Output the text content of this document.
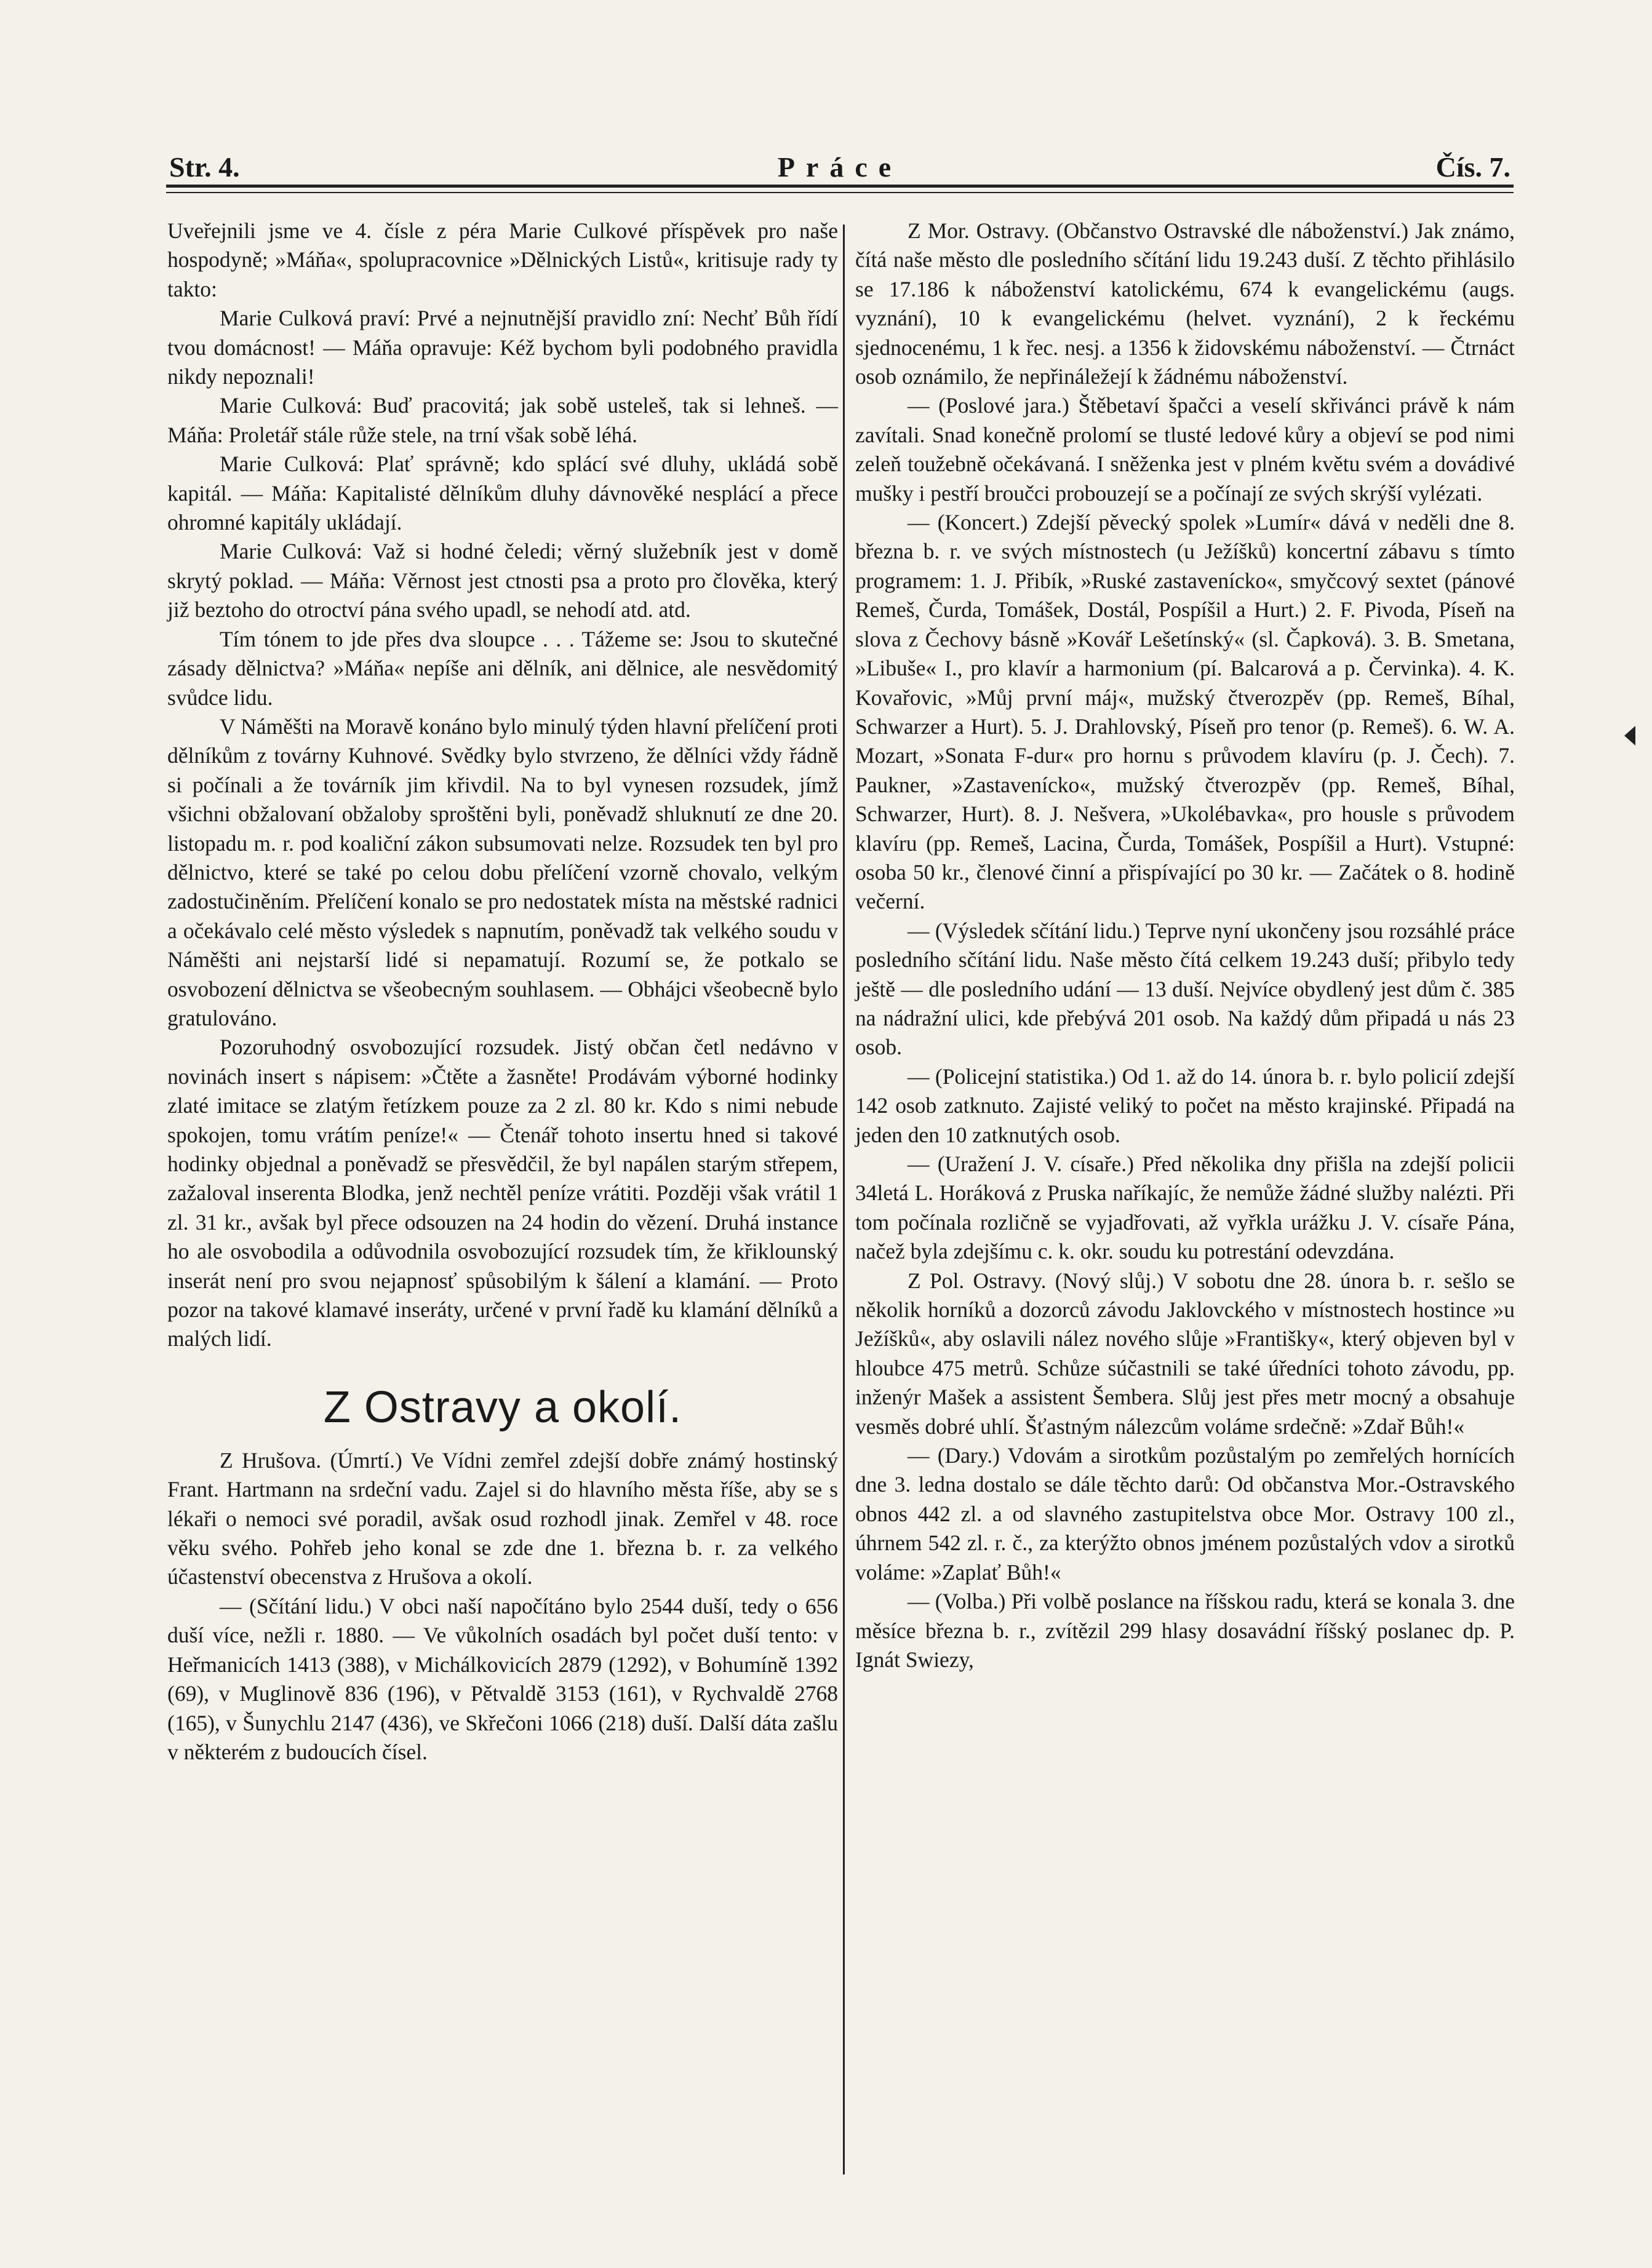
Str. 4.	Práce	Čís. 7.

Uveřejnili jsme ve 4. čísle z péra Marie Culkové příspěvek pro naše hospodyně; »Máňa«, spolupracovnice »Dělnických Listů«, kritisuje rady ty takto:

Marie Culková praví: Prvé a nejnutnější pravidlo zní: Nechť Bůh řídí tvou domácnost! — Máňa opravuje: Kéž bychom byli podobného pravidla nikdy nepoznali!

Marie Culková: Buď pracovitá; jak sobě usteleš, tak si lehneš. — Máňa: Proletář stále růže stele, na trní však sobě léhá.

Marie Culková: Plať správně; kdo splácí své dluhy, ukládá sobě kapitál. — Máňa: Kapitalisté dělníkům dluhy dávnověké nesplácí a přece ohromné kapitály ukládají.

Marie Culková: Važ si hodné čeledi; věrný služebník jest v domě skrytý poklad. — Máňa: Věrnost jest ctnosti psa a proto pro člověka, který již beztoho do otroctví pána svého upadl, se nehodí atd. atd.

Tím tónem to jde přes dva sloupce . . . Tážeme se: Jsou to skutečné zásady dělnictva? »Máňa« nepíše ani dělník, ani dělnice, ale nesvědomitý svůdce lidu.

V Náměšti na Moravě konáno bylo minulý týden hlavní přelíčení proti dělníkům z továrny Kuhnové. Svědky bylo stvrzeno, že dělníci vždy řádně si počínali a že továrník jim křivdil. Na to byl vynesen rozsudek, jímž všichni obžalovaní obžaloby sproštěni byli, poněvadž shluknutí ze dne 20. listopadu m. r. pod koaliční zákon subsumovati nelze. Rozsudek ten byl pro dělnictvo, které se také po celou dobu přelíčení vzorně chovalo, velkým zadostučiněním. Přelíčení konalo se pro nedostatek místa na městské radnici a očekávalo celé město výsledek s napnutím, poněvadž tak velkého soudu v Náměšti ani nejstarší lidé si nepamatují. Rozumí se, že potkalo se osvobození dělnictva se všeobecným souhlasem. — Obhájci všeobecně bylo gratulováno.

Pozoruhodný osvobozující rozsudek. Jistý občan četl nedávno v novinách insert s nápisem: »Čtěte a žasněte! Prodávám výborné hodinky zlaté imitace se zlatým řetízkem pouze za 2 zl. 80 kr. Kdo s nimi nebude spokojen, tomu vrátím peníze!« — Čtenář tohoto insertu hned si takové hodinky objednal a poněvadž se přesvědčil, že byl napálen starým střepem, zažaloval inserenta Blodka, jenž nechtěl peníze vrátiti. Později však vrátil 1 zl. 31 kr., avšak byl přece odsouzen na 24 hodin do vězení. Druhá instance ho ale osvobodila a odůvodnila osvobozující rozsudek tím, že křiklounský inserát není pro svou nejapnosť spůsobilým k šálení a klamání. — Proto pozor na takové klamavé inseráty, určené v první řadě ku klamání dělníků a malých lidí.

Z Ostravy a okolí.

Z Hrušova. (Úmrtí.) Ve Vídni zemřel zdejší dobře známý hostinský Frant. Hartmann na srdeční vadu. Zajel si do hlavního města říše, aby se s lékaři o nemoci své poradil, avšak osud rozhodl jinak. Zemřel v 48. roce věku svého. Pohřeb jeho konal se zde dne 1. března b. r. za velkého účastenství obecenstva z Hrušova a okolí.

— (Sčítání lidu.) V obci naší napočítáno bylo 2544 duší, tedy o 656 duší více, nežli r. 1880. — Ve vůkolních osadách byl počet duší tento: v Heřmanicích 1413 (388), v Michálkovicích 2879 (1292), v Bohumíně 1392 (69), v Muglinově 836 (196), v Pětvaldě 3153 (161), v Rychvaldě 2768 (165), v Šunychlu 2147 (436), ve Skřečoni 1066 (218) duší. Další dáta zašlu v některém z budoucích čísel.

Z Mor. Ostravy. (Občanstvo Ostravské dle náboženství.) Jak známo, čítá naše město dle posledního sčítání lidu 19.243 duší. Z těchto přihlásilo se 17.186 k náboženství katolickému, 674 k evangelickému (augs. vyznání), 10 k evangelickému (helvet. vyznání), 2 k řeckému sjednocenému, 1 k řec. nesj. a 1356 k židovskému náboženství. — Čtrnáct osob oznámilo, že nepřináležejí k žádnému náboženství.

— (Poslové jara.) Štěbetaví špačci a veselí skřivánci právě k nám zavítali. Snad konečně prolomí se tlusté ledové kůry a objeví se pod nimi zeleň toužebně očekávaná. I sněženka jest v plném květu svém a dovádivé mušky i pestří broučci probouzejí se a počínají ze svých skrýší vylézati.

— (Koncert.) Zdejší pěvecký spolek »Lumír« dává v neděli dne 8. března b. r. ve svých místnostech (u Ježíšků) koncertní zábavu s tímto programem: 1. J. Přibík, »Ruské zastavenícko«, smyčcový sextet (pánové Remeš, Čurda, Tomášek, Dostál, Pospíšil a Hurt.) 2. F. Pivoda, Píseň na slova z Čechovy básně »Kovář Lešetínský« (sl. Čapková). 3. B. Smetana, »Libuše« I., pro klavír a harmonium (pí. Balcarová a p. Červinka). 4. K. Kovařovic, »Můj první máj«, mužský čtverozpěv (pp. Remeš, Bíhal, Schwarzer a Hurt). 5. J. Drahlovský, Píseň pro tenor (p. Remeš). 6. W. A. Mozart, »Sonata F-dur« pro hornu s průvodem klavíru (p. J. Čech). 7. Paukner, »Zastavenícko«, mužský čtverozpěv (pp. Remeš, Bíhal, Schwarzer, Hurt). 8. J. Nešvera, »Ukolébavka«, pro housle s průvodem klavíru (pp. Remeš, Lacina, Čurda, Tomášek, Pospíšil a Hurt). Vstupné: osoba 50 kr., členové činní a přispívající po 30 kr. — Začátek o 8. hodině večerní.

— (Výsledek sčítání lidu.) Teprve nyní ukončeny jsou rozsáhlé práce posledního sčítání lidu. Naše město čítá celkem 19.243 duší; přibylo tedy ještě — dle posledního udání — 13 duší. Nejvíce obydlený jest dům č. 385 na nádražní ulici, kde přebývá 201 osob. Na každý dům připadá u nás 23 osob.

— (Policejní statistika.) Od 1. až do 14. února b. r. bylo policií zdejší 142 osob zatknuto. Zajisté veliký to počet na město krajinské. Připadá na jeden den 10 zatknutých osob.

— (Uražení J. V. císaře.) Před několika dny přišla na zdejší policii 34letá L. Horáková z Pruska naříkajíc, že nemůže žádné služby nalézti. Při tom počínala rozličně se vyjadřovati, až vyřkla urážku J. V. císaře Pána, načež byla zdejšímu c. k. okr. soudu ku potrestání odevzdána.

Z Pol. Ostravy. (Nový slůj.) V sobotu dne 28. února b. r. sešlo se několik horníků a dozorců závodu Jaklovckého v místnostech hostince »u Ježíšků«, aby oslavili nález nového slůje »Františky«, který objeven byl v hloubce 475 metrů. Schůze súčastnili se také úředníci tohoto závodu, pp. inženýr Mašek a assistent Šembera. Slůj jest přes metr mocný a obsahuje vesměs dobré uhlí. Šťastným nálezcům voláme srdečně: »Zdař Bůh!«

— (Dary.) Vdovám a sirotkům pozůstalým po zemřelých hornících dne 3. ledna dostalo se dále těchto darů: Od občanstva Mor.-Ostravského obnos 442 zl. a od slavného zastupitelstva obce Mor. Ostravy 100 zl., úhrnem 542 zl. r. č., za kterýžto obnos jménem pozůstalých vdov a sirotků voláme: »Zaplať Bůh!«

— (Volba.) Při volbě poslance na říšskou radu, která se konala 3. dne měsíce března b. r., zvítězil 299 hlasy dosavádní říšský poslanec dp. P. Ignát Swiezy,
